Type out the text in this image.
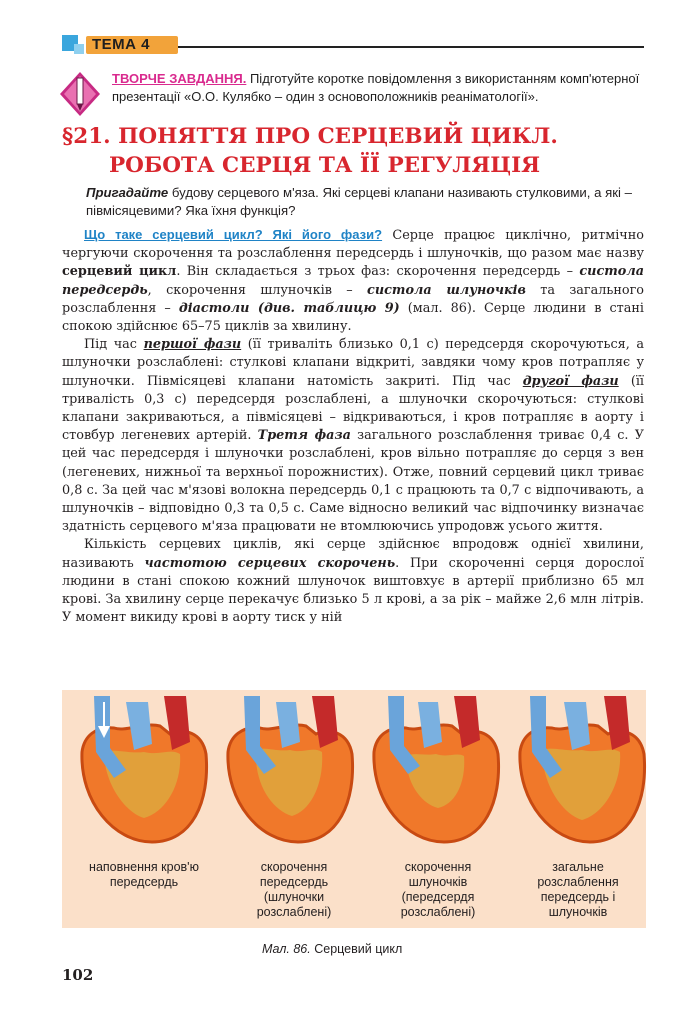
ТЕМА 4
ТВОРЧЕ ЗАВДАННЯ. Підготуйте коротке повідомлення з використанням комп'ютерної презентації «О.О. Кулябко – один з основоположників реаніматології».
§21. ПОНЯТТЯ ПРО СЕРЦЕВИЙ ЦИКЛ.
РОБОТА СЕРЦЯ ТА ЇЇ РЕГУЛЯЦІЯ
Пригадайте будову серцевого м'яза. Які серцеві клапани називають стулковими, а які – півмісяцевими? Яка їхня функція?

Що таке серцевий цикл? Які його фази? Серце працює циклічно, ритмічно чергуючи скорочення та розслаблення передсердь і шлуночків, що разом має назву серцевий цикл. Він складається з трьох фаз: скорочення передсердь – систола передсердь, скорочення шлуночків – систола шлуночків та загального розслаблення – діастоли (див. таблицю 9) (мал. 86). Серце людини в стані спокою здійснює 65–75 циклів за хвилину.

Під час першої фази (її триваліть близько 0,1 с) передсердя скорочуються, а шлуночки розслаблені: стулкові клапани відкриті, завдяки чому кров потрапляє у шлуночки. Півмісяцеві клапани натомість закриті. Під час другої фази (її тривалість 0,3 с) передсердя розслаблені, а шлуночки скорочуються: стулкові клапани закриваються, а півмісяцеві – відкриваються, і кров потрапляє в аорту і стовбур легеневих артерій. Третя фаза загального розслаблення триває 0,4 с. У цей час передсердя і шлуночки розслаблені, кров вільно потрапляє до серця з вен (легеневих, нижньої та верхньої порожнистих). Отже, повний серцевий цикл триває 0,8 с. За цей час м'язові волокна передсердь 0,1 с працюють та 0,7 с відпочивають, а шлуночків – відповідно 0,3 та 0,5 с. Саме відносно великий час відпочинку визначає здатність серцевого м'яза працювати не втомлюючись упродовж усього життя.

Кількість серцевих циклів, які серце здійснює впродовж однієї хвилини, називають частотою серцевих скорочень. При скороченні серця дорослої людини в стані спокою кожний шлуночок виштовхує в артерії приблизно 65 мл крові. За хвилину серце перекачує близько 5 л крові, а за рік – майже 2,6 млн літрів. У момент викиду крові в аорту тиск у ній

наповнення кров'ю передсердь
скорочення передсердь (шлуночки розслаблені)
скорочення шлуночків (передсердя розслаблені)
загальне розслаблення передсердь і шлуночків
Мал. 86. Серцевий цикл
102
